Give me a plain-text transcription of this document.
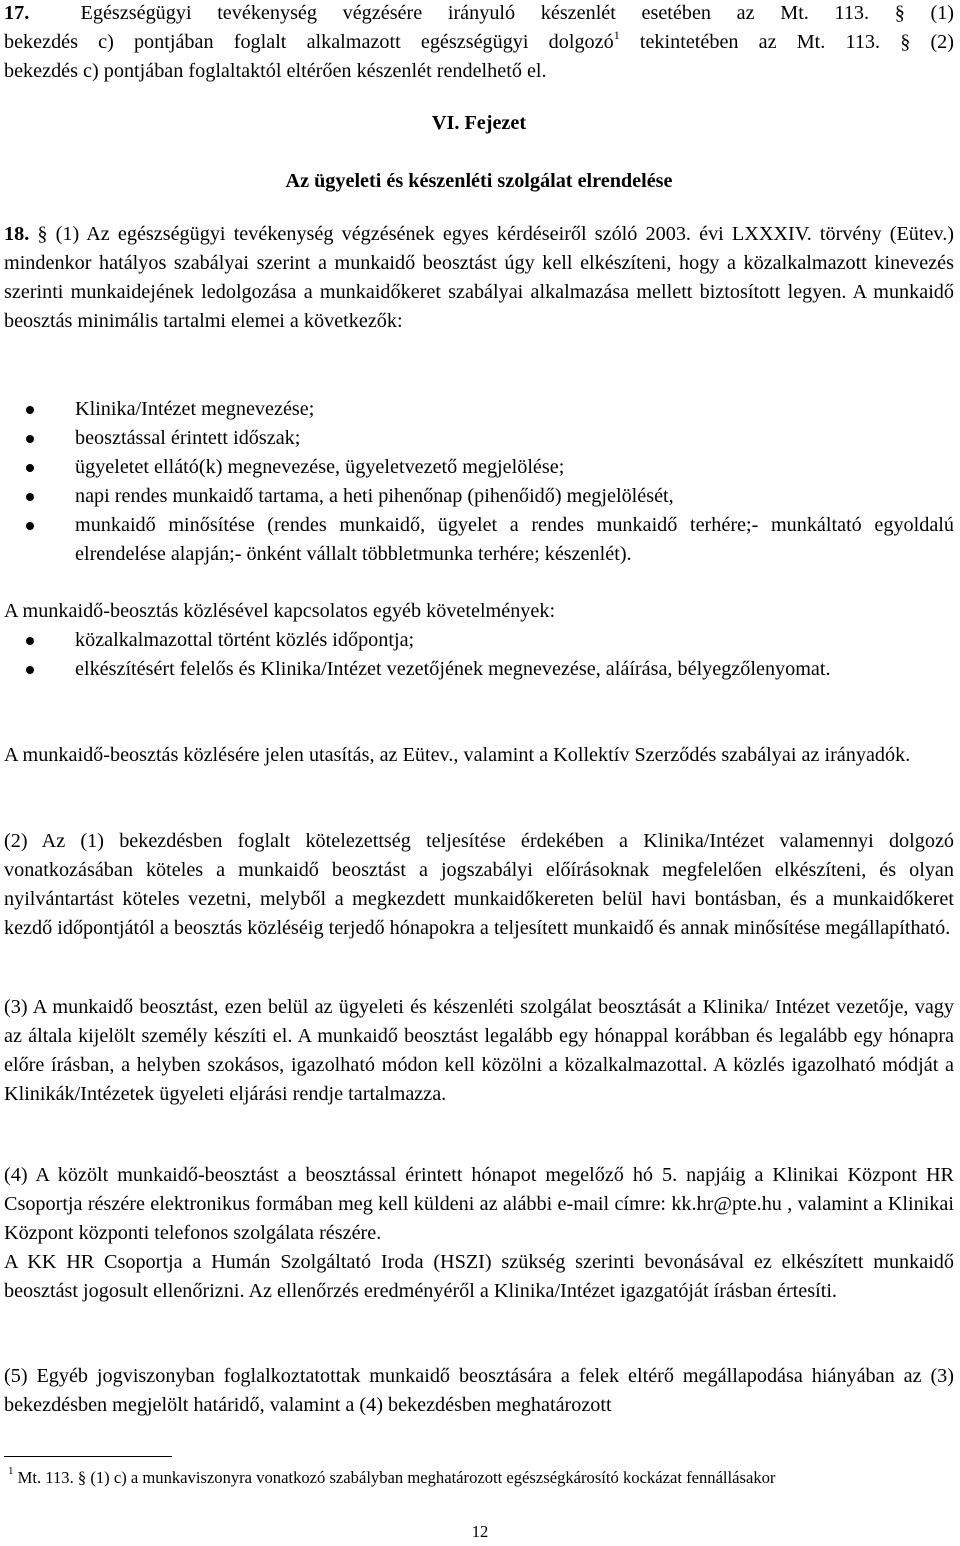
17.	Egészségügyi tevékenység végzésére irányuló készenlét esetében az Mt. 113. § (1)

bekezdés c) pontjában foglalt alkalmazott egészségügyi dolgozó$^1$ tekintetében az Mt. 113. § (2)

bekezdés c) pontjában foglaltaktól eltérően készenlét rendelhető el.

VI. Fejezet

Az ügyeleti és készenléti szolgálat elrendelése

18. § (1) Az egészségügyi tevékenység végzésének egyes kérdéseiről szóló 2003. évi LXXXIV. törvény (Eütev.) mindenkor hatályos szabályai szerint a munkaidő beosztást úgy kell elkészíteni, hogy a közalkalmazott kinevezés szerinti munkaidejének ledolgozása a munkaidőkeret szabályai alkalmazása mellett biztosított legyen. A munkaidő beosztás minimális tartalmi elemei a következők:

Klinika/Intézet megnevezése;
beosztással érintett időszak;
ügyeletet ellátó(k) megnevezése, ügyeletvezető megjelölése;
napi rendes munkaidő tartama, a heti pihenőnap (pihenőidő) megjelölését,
munkaidő minősítése (rendes munkaidő, ügyelet a rendes munkaidő terhére;- munkáltató egyoldalú elrendelése alapján;- önként vállalt többletmunka terhére; készenlét).

A munkaidő-beosztás közlésével kapcsolatos egyéb követelmények:

közalkalmazottal történt közlés időpontja;
elkészítésért felelős és Klinika/Intézet vezetőjének megnevezése, aláírása, bélyegzőlenyomat.

A munkaidő-beosztás közlésére jelen utasítás, az Eütev., valamint a Kollektív Szerződés szabályai az irányadók.

(2) Az (1) bekezdésben foglalt kötelezettség teljesítése érdekében a Klinika/Intézet valamennyi dolgozó vonatkozásában köteles a munkaidő beosztást a jogszabályi előírásoknak megfelelően elkészíteni, és olyan nyilvántartást köteles vezetni, melyből a megkezdett munkaidőkereten belül havi bontásban, és a munkaidőkeret kezdő időpontjától a beosztás közléséig terjedő hónapokra a teljesített munkaidő és annak minősítése megállapítható.

(3) A munkaidő beosztást, ezen belül az ügyeleti és készenléti szolgálat beosztását a Klinika/ Intézet vezetője, vagy az általa kijelölt személy készíti el. A munkaidő beosztást legalább egy hónappal korábban és legalább egy hónapra előre írásban, a helyben szokásos, igazolható módon kell közölni a közalkalmazottal. A közlés igazolható módját a Klinikák/Intézetek ügyeleti eljárási rendje tartalmazza.

(4) A közölt munkaidő-beosztást a beosztással érintett hónapot megelőző hó 5. napjáig a Klinikai Központ HR Csoportja részére elektronikus formában meg kell küldeni az alábbi e-mail címre: kk.hr@pte.hu , valamint a Klinikai Központ központi telefonos szolgálata részére.

A KK HR Csoportja a Humán Szolgáltató Iroda (HSZI) szükség szerinti bevonásával ez elkészített munkaidő beosztást jogosult ellenőrizni. Az ellenőrzés eredményéről a Klinika/Intézet igazgatóját írásban értesíti.

(5) Egyéb jogviszonyban foglalkoztatottak munkaidő beosztására a felek eltérő megállapodása hiányában az (3) bekezdésben megjelölt határidő, valamint a (4) bekezdésben meghatározott

$^1$ Mt. 113. § (1) c) a munkaviszonyra vonatkozó szabályban meghatározott egészségkárosító kockázat fennállásakor

12
